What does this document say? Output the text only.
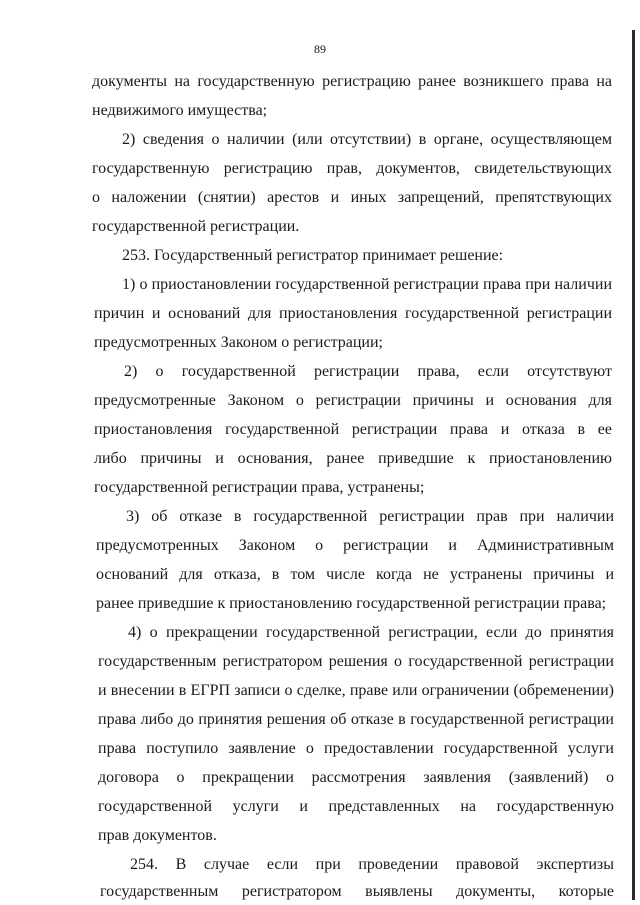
89
документы на государственную регистрацию ранее возникшего права на
недвижимого имущества;
2) сведения о наличии (или отсутствии) в органе, осуществляющем
государственную регистрацию прав, документов, свидетельствующих
о наложении (снятии) арестов и иных запрещений, препятствующих
государственной регистрации.
253. Государственный регистратор принимает решение:
1) о приостановлении государственной регистрации права при наличии
причин и оснований для приостановления государственной регистрации
предусмотренных Законом о регистрации;
2) о государственной регистрации права, если отсутствуют
предусмотренные Законом о регистрации причины и основания для
приостановления государственной регистрации права и отказа в ее
либо причины и основания, ранее приведшие к приостановлению
государственной регистрации права, устранены;
3) об отказе в государственной регистрации прав при наличии
предусмотренных Законом о регистрации и Административным
оснований для отказа, в том числе когда не устранены причины и
ранее приведшие к приостановлению государственной регистрации права;
4) о прекращении государственной регистрации, если до принятия
государственным регистратором решения о государственной регистрации
и внесении в ЕГРП записи о сделке, праве или ограничении (обременении)
права либо до принятия решения об отказе в государственной регистрации
права поступило заявление о предоставлении государственной услуги
договора о прекращении рассмотрения заявления (заявлений) о
государственной услуги и представленных на государственную
прав документов.
254. В случае если при проведении правовой экспертизы
государственным регистратором выявлены документы, которые
